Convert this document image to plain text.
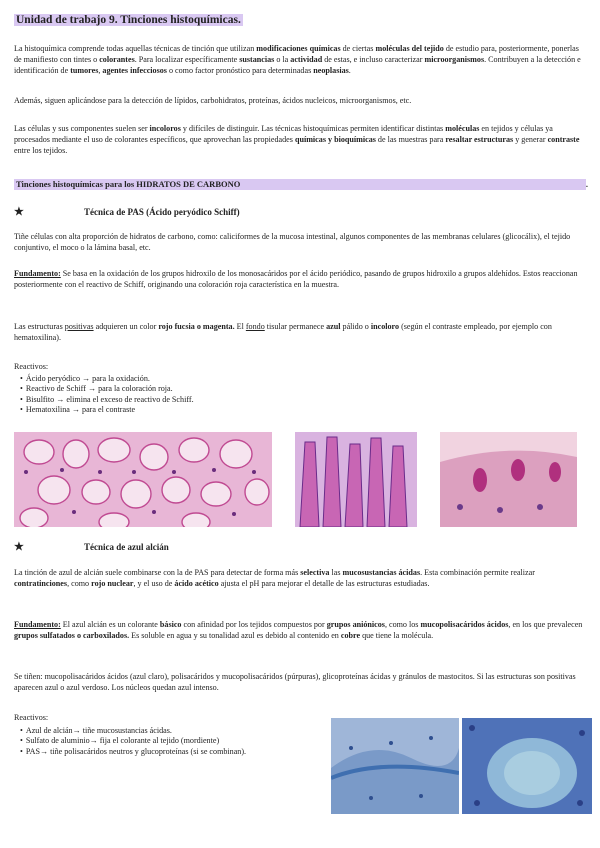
Unidad de trabajo 9. Tinciones histoquímicas.

La histoquímica comprende todas aquellas técnicas de tinción que utilizan modificaciones químicas de ciertas moléculas del tejido de estudio para, posteriormente, ponerlas de manifiesto con tintes o colorantes. Para localizar específicamente sustancias o la actividad de estas, e incluso caracterizar microorganismos. Contribuyen a la detección e identificación de tumores, agentes infecciosos o como factor pronóstico para determinadas neoplasias.

Además, siguen aplicándose para la detección de lípidos, carbohidratos, proteínas, ácidos nucleicos, microorganismos, etc.

Las células y sus componentes suelen ser incoloros y difíciles de distinguir. Las técnicas histoquímicas permiten identificar distintas moléculas en tejidos y células ya procesados mediante el uso de colorantes específicos, que aprovechan las propiedades químicas y bioquímicas de las muestras para resaltar estructuras y generar contraste entre los tejidos.

Tinciones histoquímicas para los HIDRATOS DE CARBONO	.
★	Técnica de PAS (Ácido peryódico Schiff)

Tiñe células con alta proporción de hidratos de carbono, como: caliciformes de la mucosa intestinal, algunos componentes de las membranas celulares (glicocálix), el tejido conjuntivo, el moco o la lámina basal, etc.

Fundamento: Se basa en la oxidación de los grupos hidroxilo de los monosacáridos por el ácido periódico, pasando de grupos hidroxilo a grupos aldehídos. Estos reaccionan posteriormente con el reactivo de Schiff, originando una coloración roja característica en la muestra.

Las estructuras positivas adquieren un color rojo fucsia o magenta. El fondo tisular permanece azul pálido o incoloro (según el contraste empleado, por ejemplo con hematoxilina).

Reactivos:

• Ácido peryódico → para la oxidación.
• Reactivo de Schiff → para la coloración roja.
• Bisulfito → elimina el exceso de reactivo de Schiff.
• Hematoxilina → para el contraste
★	Técnica de azul alcián

La tinción de azul de alcián suele combinarse con la de PAS para detectar de forma más selectiva las mucosustancias ácidas. Esta combinación permite realizar contratinciones, como rojo nuclear, y el uso de ácido acético ajusta el pH para mejorar el detalle de las estructuras estudiadas.

Fundamento: El azul alcián es un colorante básico con afinidad por los tejidos compuestos por grupos aniónicos, como los mucopolisacáridos ácidos, en los que prevalecen grupos sulfatados o carboxilados. Es soluble en agua y su tonalidad azul es debido al contenido en cobre que tiene la molécula.

Se tiñen: mucopolisacáridos ácidos (azul claro), polisacáridos y mucopolisacáridos (púrpuras), glicoproteínas ácidas y gránulos de mastocitos. Si las estructuras son positivas aparecen azul o azul verdoso. Los núcleos quedan azul intenso.

Reactivos:

• Azul de alcián→ tiñe mucosustancias ácidas.
• Sulfato de aluminio→ fija el colorante al tejido (mordiente)
• PAS→ tiñe polisacáridos neutros y glucoproteínas (si se combinan).
